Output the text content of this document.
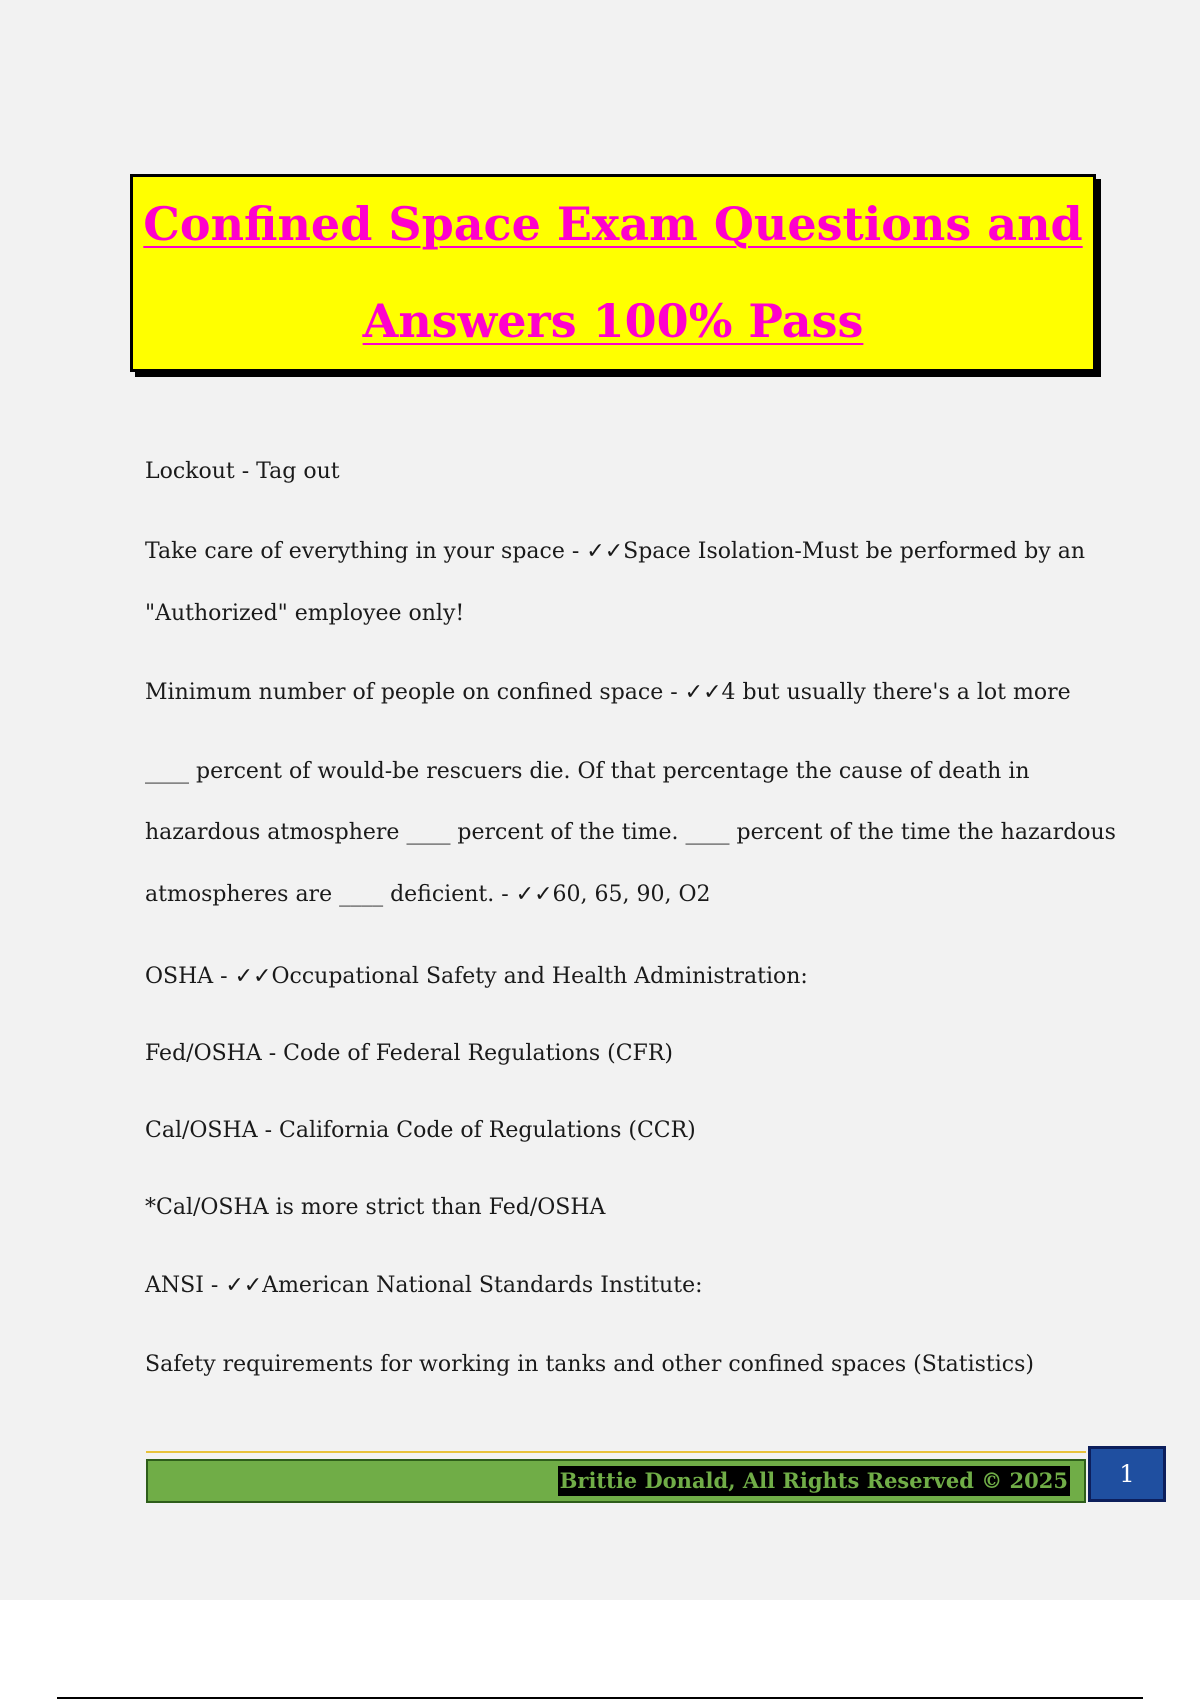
Confined Space Exam Questions and
Answers 100% Pass
Lockout - Tag out
Take care of everything in your space - ✓✓Space Isolation-Must be performed by an
"Authorized" employee only!
Minimum number of people on confined space - ✓✓4 but usually there's a lot more
____ percent of would-be rescuers die. Of that percentage the cause of death in
hazardous atmosphere ____ percent of the time. ____ percent of the time the hazardous
atmospheres are ____ deficient. - ✓✓60, 65, 90, O2
OSHA - ✓✓Occupational Safety and Health Administration:
Fed/OSHA - Code of Federal Regulations (CFR)
Cal/OSHA - California Code of Regulations (CCR)
*Cal/OSHA is more strict than Fed/OSHA
ANSI - ✓✓American National Standards Institute:
Safety requirements for working in tanks and other confined spaces (Statistics)
Brittie Donald, All Rights Reserved © 2025 1
